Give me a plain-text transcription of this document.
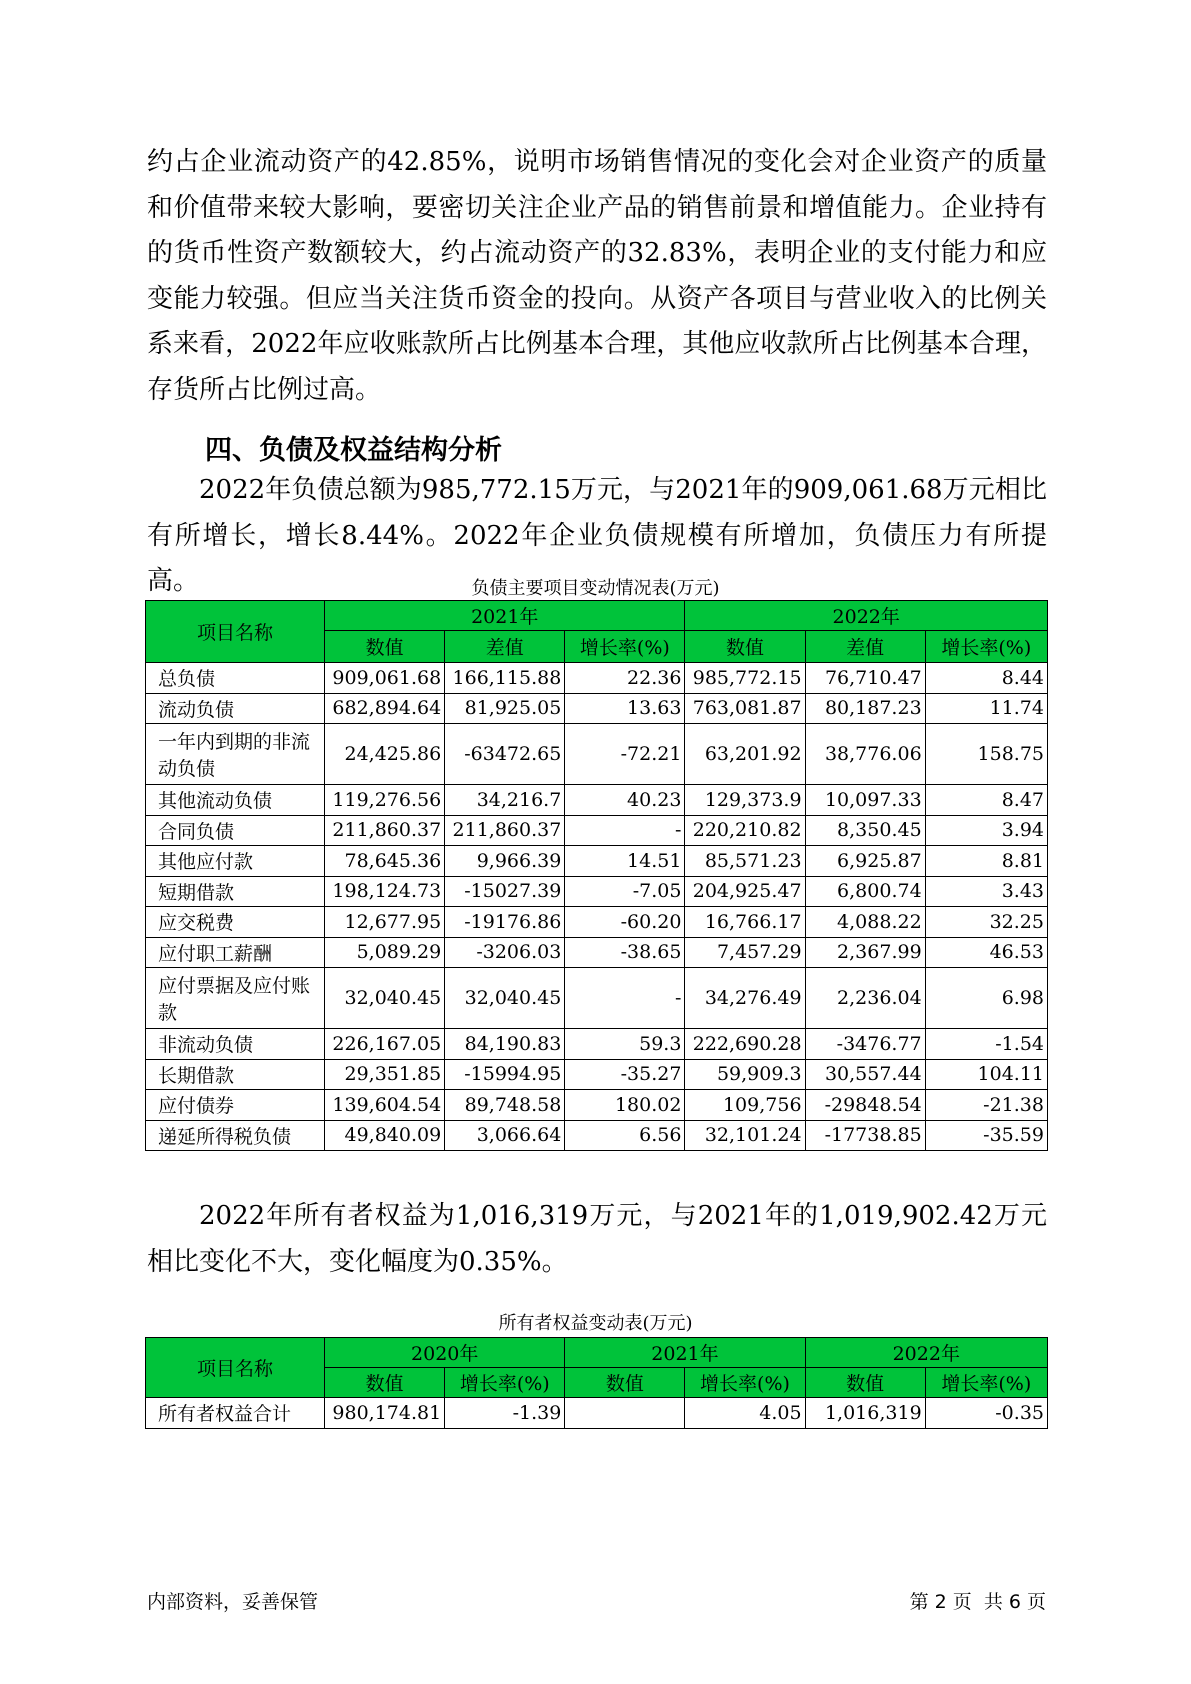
约占企业流动资产的42.85%，说明市场销售情况的变化会对企业资产的质量和价值带来较大影响，要密切关注企业产品的销售前景和增值能力。企业持有的货币性资产数额较大，约占流动资产的32.83%，表明企业的支付能力和应变能力较强。但应当关注货币资金的投向。从资产各项目与营业收入的比例关系来看，2022年应收账款所占比例基本合理，其他应收款所占比例基本合理，存货所占比例过高。

四、负债及权益结构分析

2022年负债总额为985,772.15万元，与2021年的909,061.68万元相比有所增长，增长8.44%。2022年企业负债规模有所增加，负债压力有所提高。	负债主要项目变动情况表(万元)

项目名称	2021年			2022年		
	数值	差值	增长率(%)	数值	差值	增长率(%)
总负债	909,061.68	166,115.88	22.36	985,772.15	76,710.47	8.44
流动负债	682,894.64	81,925.05	13.63	763,081.87	80,187.23	11.74
一年内到期的非流动负债	24,425.86	-63472.65	-72.21	63,201.92	38,776.06	158.75
其他流动负债	119,276.56	34,216.7	40.23	129,373.9	10,097.33	8.47
合同负债	211,860.37	211,860.37	-	220,210.82	8,350.45	3.94
其他应付款	78,645.36	9,966.39	14.51	85,571.23	6,925.87	8.81
短期借款	198,124.73	-15027.39	-7.05	204,925.47	6,800.74	3.43
应交税费	12,677.95	-19176.86	-60.20	16,766.17	4,088.22	32.25
应付职工薪酬	5,089.29	-3206.03	-38.65	7,457.29	2,367.99	46.53
应付票据及应付账款	32,040.45	32,040.45	-	34,276.49	2,236.04	6.98
非流动负债	226,167.05	84,190.83	59.3	222,690.28	-3476.77	-1.54
长期借款	29,351.85	-15994.95	-35.27	59,909.3	30,557.44	104.11
应付债券	139,604.54	89,748.58	180.02	109,756	-29848.54	-21.38
递延所得税负债	49,840.09	3,066.64	6.56	32,101.24	-17738.85	-35.59

2022年所有者权益为1,016,319万元，与2021年的1,019,902.42万元相比变化不大，变化幅度为0.35%。

所有者权益变动表(万元)

项目名称	2020年		2021年		2022年	
	数值	增长率(%)	数值	增长率(%)	数值	增长率(%)
所有者权益合计	980,174.81	-1.39		4.05	1,016,319	-0.35

内部资料，妥善保管	第 2 页  共 6 页
